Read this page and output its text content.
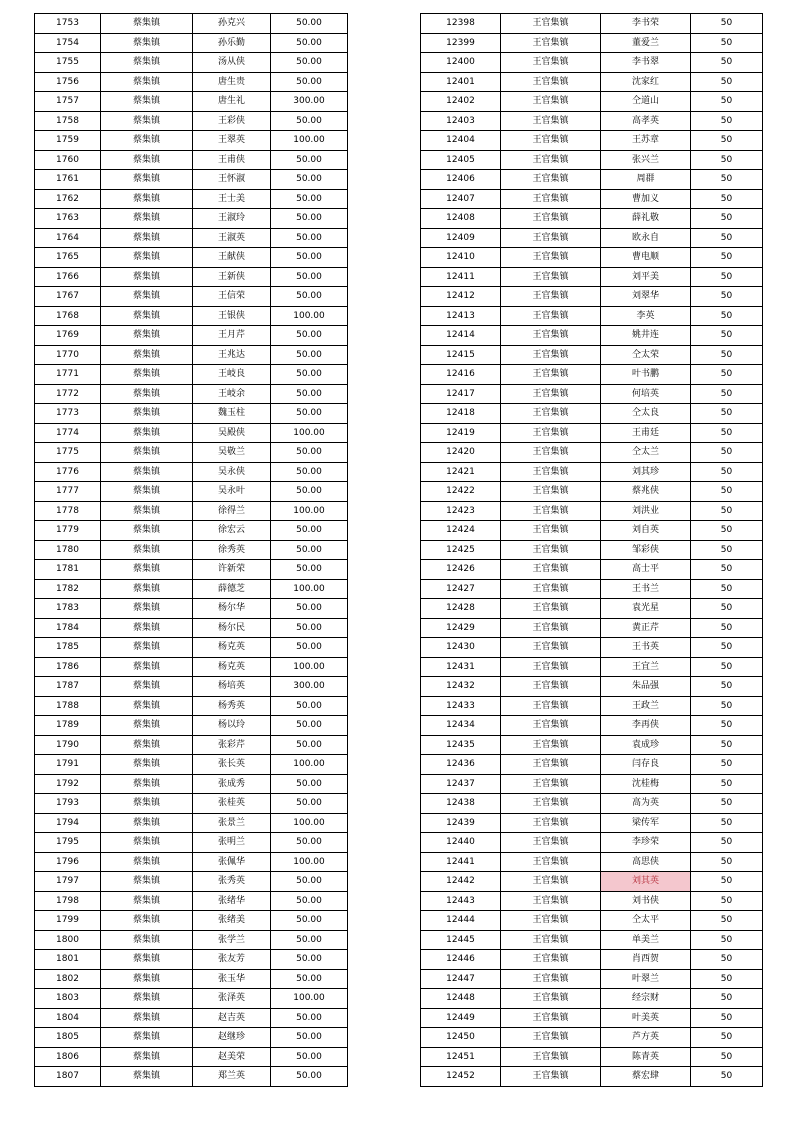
1753	蔡集镇	孙克兴	50.00
1754	蔡集镇	孙乐勤	50.00
1755	蔡集镇	汤从侠	50.00
1756	蔡集镇	唐生贵	50.00
1757	蔡集镇	唐生礼	300.00
1758	蔡集镇	王彩侠	50.00
1759	蔡集镇	王翠英	100.00
1760	蔡集镇	王甫侠	50.00
1761	蔡集镇	王怀淑	50.00
1762	蔡集镇	王士美	50.00
1763	蔡集镇	王淑玲	50.00
1764	蔡集镇	王淑英	50.00
1765	蔡集镇	王献侠	50.00
1766	蔡集镇	王新侠	50.00
1767	蔡集镇	王信荣	50.00
1768	蔡集镇	王银侠	100.00
1769	蔡集镇	王月芹	50.00
1770	蔡集镇	王兆达	50.00
1771	蔡集镇	王岐良	50.00
1772	蔡集镇	王岐余	50.00
1773	蔡集镇	魏玉柱	50.00
1774	蔡集镇	吴殿侠	100.00
1775	蔡集镇	吴敬兰	50.00
1776	蔡集镇	吴永侠	50.00
1777	蔡集镇	吴永叶	50.00
1778	蔡集镇	徐得兰	100.00
1779	蔡集镇	徐宏云	50.00
1780	蔡集镇	徐秀英	50.00
1781	蔡集镇	许新荣	50.00
1782	蔡集镇	薛德芝	100.00
1783	蔡集镇	杨尔华	50.00
1784	蔡集镇	杨尔民	50.00
1785	蔡集镇	杨克英	50.00
1786	蔡集镇	杨克英	100.00
1787	蔡集镇	杨培英	300.00
1788	蔡集镇	杨秀英	50.00
1789	蔡集镇	杨以玲	50.00
1790	蔡集镇	张彩芹	50.00
1791	蔡集镇	张长英	100.00
1792	蔡集镇	张成秀	50.00
1793	蔡集镇	张桂英	50.00
1794	蔡集镇	张景兰	100.00
1795	蔡集镇	张明兰	50.00
1796	蔡集镇	张佩华	100.00
1797	蔡集镇	张秀英	50.00
1798	蔡集镇	张绪华	50.00
1799	蔡集镇	张绪美	50.00
1800	蔡集镇	张学兰	50.00
1801	蔡集镇	张友芳	50.00
1802	蔡集镇	张玉华	50.00
1803	蔡集镇	张泽英	100.00
1804	蔡集镇	赵吉英	50.00
1805	蔡集镇	赵继珍	50.00
1806	蔡集镇	赵美荣	50.00
1807	蔡集镇	郑兰英	50.00
12398	王官集镇	李书荣	50
12399	王官集镇	董爱兰	50
12400	王官集镇	李书翠	50
12401	王官集镇	沈家红	50
12402	王官集镇	仝道山	50
12403	王官集镇	高孝英	50
12404	王官集镇	王苏章	50
12405	王官集镇	张兴兰	50
12406	王官集镇	周群	50
12407	王官集镇	曹加义	50
12408	王官集镇	薛礼敬	50
12409	王官集镇	欧永自	50
12410	王官集镇	曹电顺	50
12411	王官集镇	刘平美	50
12412	王官集镇	刘翠华	50
12413	王官集镇	李英	50
12414	王官集镇	姚井连	50
12415	王官集镇	仝太荣	50
12416	王官集镇	叶书鹏	50
12417	王官集镇	何培英	50
12418	王官集镇	仝太良	50
12419	王官集镇	王甫廷	50
12420	王官集镇	仝太兰	50
12421	王官集镇	刘其珍	50
12422	王官集镇	蔡兆侠	50
12423	王官集镇	刘洪业	50
12424	王官集镇	刘自英	50
12425	王官集镇	邹彩侠	50
12426	王官集镇	高士平	50
12427	王官集镇	王书兰	50
12428	王官集镇	袁光星	50
12429	王官集镇	黄正芹	50
12430	王官集镇	王书英	50
12431	王官集镇	王宜兰	50
12432	王官集镇	朱品强	50
12433	王官集镇	王政兰	50
12434	王官集镇	李再侠	50
12435	王官集镇	袁成珍	50
12436	王官集镇	闫存良	50
12437	王官集镇	沈桂梅	50
12438	王官集镇	高为英	50
12439	王官集镇	梁传军	50
12440	王官集镇	李珍荣	50
12441	王官集镇	高思侠	50
12442	王官集镇	刘其英	50
12443	王官集镇	刘书侠	50
12444	王官集镇	仝太平	50
12445	王官集镇	单美兰	50
12446	王官集镇	肖西贺	50
12447	王官集镇	叶翠兰	50
12448	王官集镇	经宗财	50
12449	王官集镇	叶美英	50
12450	王官集镇	芦方英	50
12451	王官集镇	陈青英	50
12452	王官集镇	蔡宏肆	50
